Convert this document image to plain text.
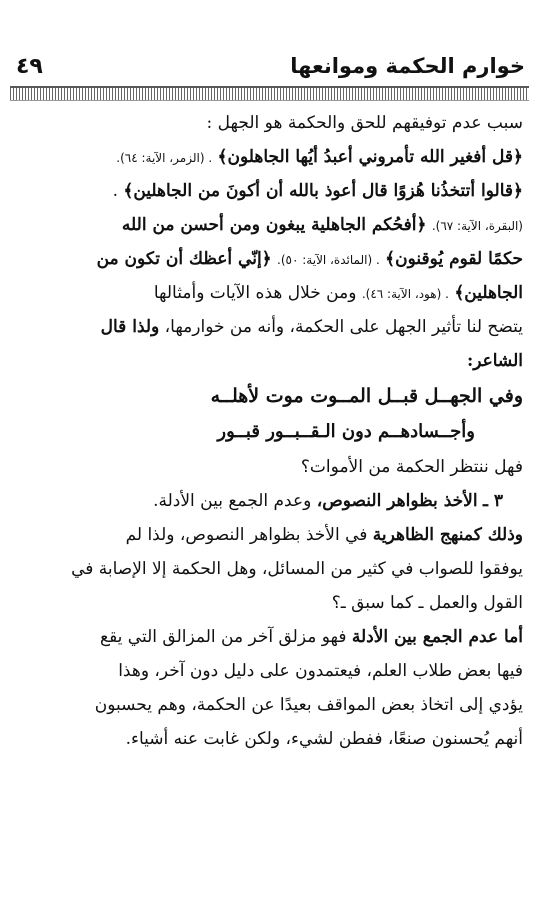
٤٩	خوارم الحكمة وموانعها
سبب عدم توفيقهم للحق والحكمة هو الجهل :
﴿قل أفغير الله تأمروني أعبدُ أيُها الجاهلون﴾ . (الزمر، الآية: ٦٤).
﴿قالوا أتتخذُنا هُزوًا قال أعوذ بالله أن أكونَ من الجاهلين﴾ .
(البقرة، الآية: ٦٧). ﴿أفحُكم الجاهلية يبغون ومن أحسن من الله
حكمًا لقوم يُوقنون﴾ . (المائدة، الآية: ٥٠). ﴿إنّي أعظك أن تكون من
الجاهلين﴾ . (هود، الآية: ٤٦). ومن خلال هذه الآيات وأمثالها
يتضح لنا تأثير الجهل على الحكمة، وأنه من خوارمها، ولذا قال
الشاعر:
وفي الجهــل قبــل المــوت موت لأهلــه
وأجــسادهــم دون الـقــبــور قبــور
فهل ننتظر الحكمة من الأموات؟
٣ ـ الأخذ بظواهر النصوص، وعدم الجمع بين الأدلة.
وذلك كمنهج الظاهرية في الأخذ بظواهر النصوص، ولذا لم
يوفقوا للصواب في كثير من المسائل، وهل الحكمة إلا الإصابة في
القول والعمل ـ كما سبق ـ؟
أما عدم الجمع بين الأدلة فهو مزلق آخر من المزالق التي يقع
فيها بعض طلاب العلم، فيعتمدون على دليل دون آخر، وهذا
يؤدي إلى اتخاذ بعض المواقف بعيدًا عن الحكمة، وهم يحسبون
أنهم يُحسنون صنعًا، ففطن لشيء، ولكن غابت عنه أشياء.
